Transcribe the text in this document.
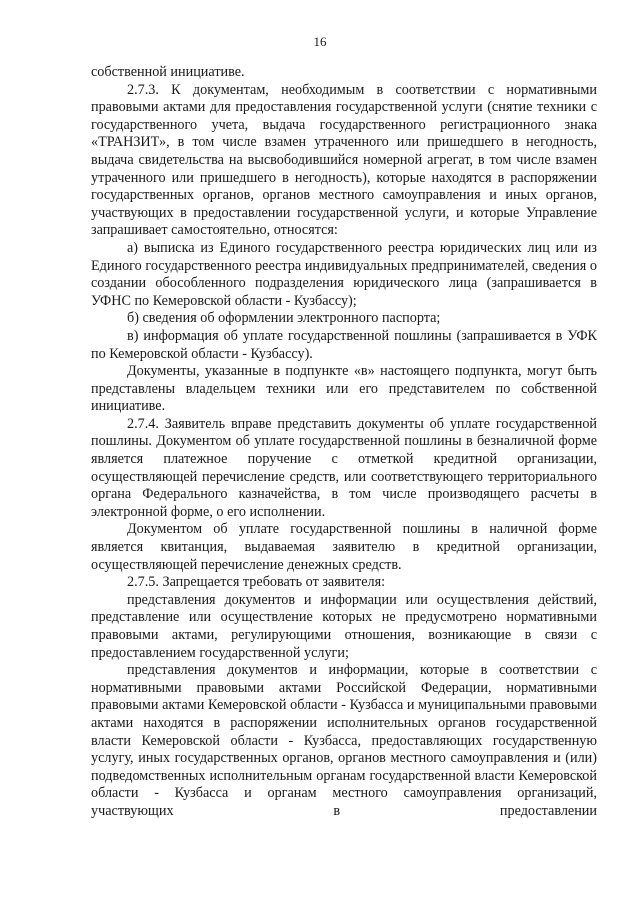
16

собственной инициативе.

2.7.3. К документам, необходимым в соответствии с нормативными правовыми актами для предоставления государственной услуги (снятие техники с государственного учета, выдача государственного регистрационного знака «ТРАНЗИТ», в том числе взамен утраченного или пришедшего в негодность, выдача свидетельства на высвободившийся номерной агрегат, в том числе взамен утраченного или пришедшего в негодность), которые находятся в распоряжении государственных органов, органов местного самоуправления и иных органов, участвующих в предоставлении государственной услуги, и которые Управление запрашивает самостоятельно, относятся:

а) выписка из Единого государственного реестра юридических лиц или из Единого государственного реестра индивидуальных предпринимателей, сведения о создании обособленного подразделения юридического лица (запрашивается в УФНС по Кемеровской области - Кузбассу);

б) сведения об оформлении электронного паспорта;

в) информация об уплате государственной пошлины (запрашивается в УФК по Кемеровской области - Кузбассу).

Документы, указанные в подпункте «в» настоящего подпункта, могут быть представлены владельцем техники или его представителем по собственной инициативе.

2.7.4. Заявитель вправе представить документы об уплате государственной пошлины. Документом об уплате государственной пошлины в безналичной форме является платежное поручение с отметкой кредитной организации, осуществляющей перечисление средств, или соответствующего территориального органа Федерального казначейства, в том числе производящего расчеты в электронной форме, о его исполнении.

Документом об уплате государственной пошлины в наличной форме является квитанция, выдаваемая заявителю в кредитной организации, осуществляющей перечисление денежных средств.

2.7.5. Запрещается требовать от заявителя:

представления документов и информации или осуществления действий, представление или осуществление которых не предусмотрено нормативными правовыми актами, регулирующими отношения, возникающие в связи с предоставлением государственной услуги;

представления документов и информации, которые в соответствии с нормативными правовыми актами Российской Федерации, нормативными правовыми актами Кемеровской области - Кузбасса и муниципальными правовыми актами находятся в распоряжении исполнительных органов государственной власти Кемеровской области - Кузбасса, предоставляющих государственную услугу, иных государственных органов, органов местного самоуправления и (или) подведомственных исполнительным органам государственной власти Кемеровской области - Кузбасса и органам местного самоуправления организаций, участвующих в предоставлении
